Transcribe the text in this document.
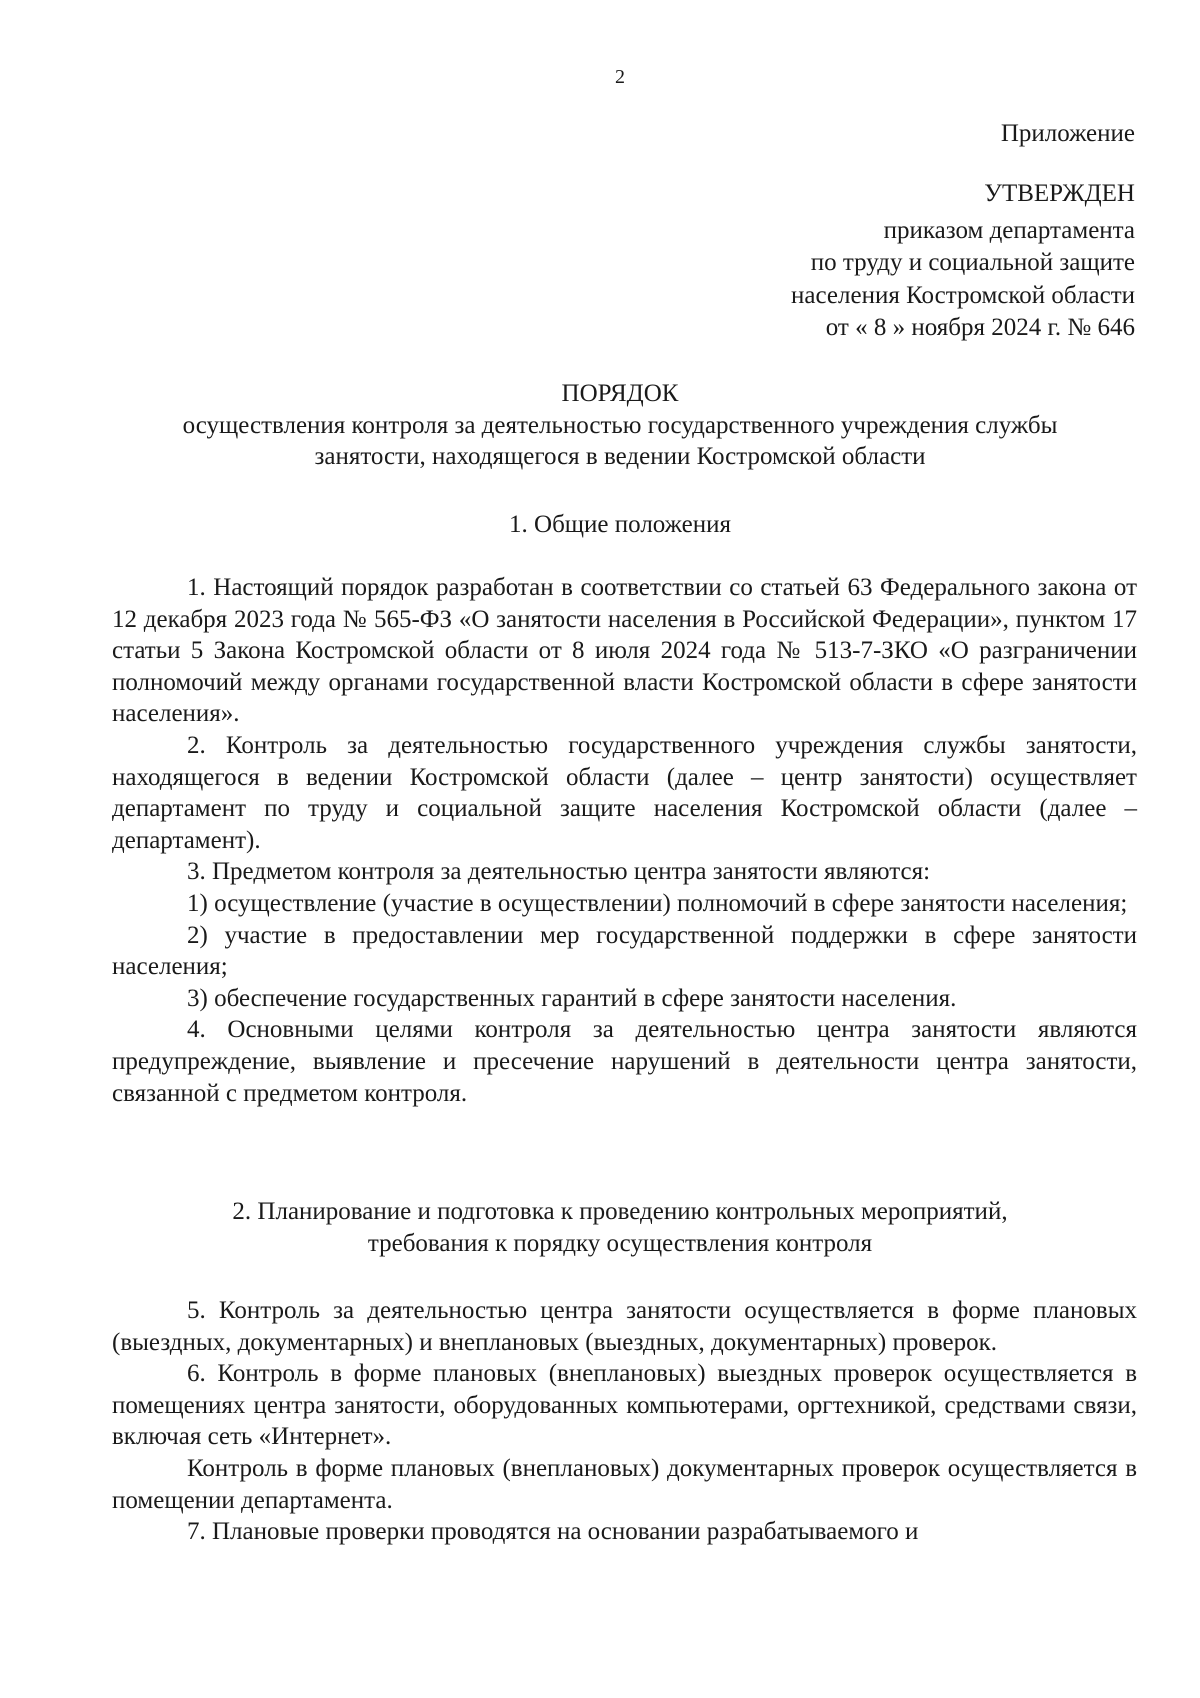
2
Приложение
УТВЕРЖДЕН
приказом департамента
по труду и социальной защите
населения Костромской области
от « 8 » ноября 2024 г. № 646
ПОРЯДОК
осуществления контроля за деятельностью государственного учреждения службы
занятости, находящегося в ведении Костромской области
1. Общие положения

1. Настоящий порядок разработан в соответствии со статьей 63 Федерального закона от 12 декабря 2023 года № 565-ФЗ «О занятости населения в Российской Федерации», пунктом 17 статьи 5 Закона Костромской области от 8 июля 2024 года № 513-7-ЗКО «О разграничении полномочий между органами государственной власти Костромской области в сфере занятости населения».

2. Контроль за деятельностью государственного учреждения службы занятости, находящегося в ведении Костромской области (далее – центр занятости) осуществляет департамент по труду и социальной защите населения Костромской области (далее – департамент).

3. Предметом контроля за деятельностью центра занятости являются:

1) осуществление (участие в осуществлении) полномочий в сфере занятости населения;

2) участие в предоставлении мер государственной поддержки в сфере занятости населения;

3) обеспечение государственных гарантий в сфере занятости населения.

4. Основными целями контроля за деятельностью центра занятости являются предупреждение, выявление и пресечение нарушений в деятельности центра занятости, связанной с предметом контроля.

2. Планирование и подготовка к проведению контрольных мероприятий,
требования к порядку осуществления контроля

5. Контроль за деятельностью центра занятости осуществляется в форме плановых (выездных, документарных) и внеплановых (выездных, документарных) проверок.

6. Контроль в форме плановых (внеплановых) выездных проверок осуществляется в помещениях центра занятости, оборудованных компьютерами, оргтехникой, средствами связи, включая сеть «Интернет».

Контроль в форме плановых (внеплановых) документарных проверок осуществляется в помещении департамента.

7. Плановые проверки проводятся на основании разрабатываемого и
